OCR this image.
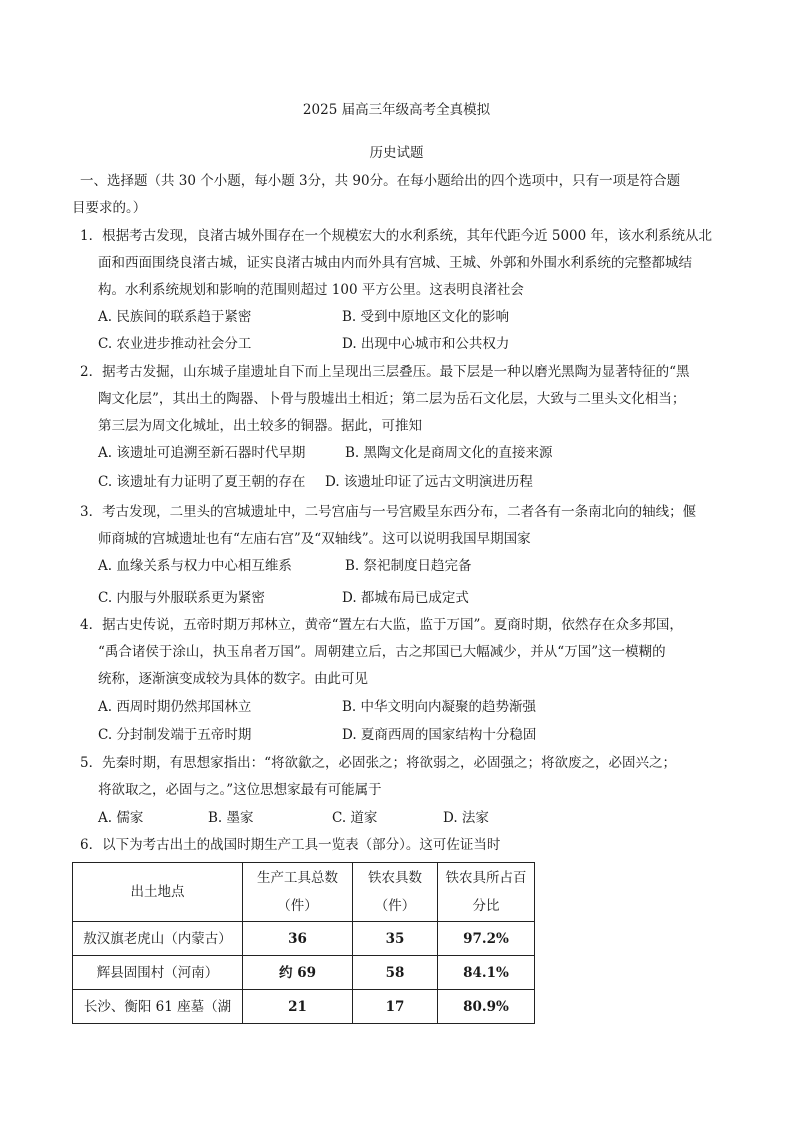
2025 届高三年级高考全真模拟
历史试题
一、选择题（共 30 个小题，每小题 3分，共 90分。在每小题给出的四个选项中，只有一项是符合题
目要求的。）
1．根据考古发现，良渚古城外围存在一个规模宏大的水利系统，其年代距今近 5000 年，该水利系统从北
面和西面围绕良渚古城，证实良渚古城由内而外具有宫城、王城、外郭和外围水利系统的完整都城结
构。水利系统规划和影响的范围则超过 100 平方公里。这表明良渚社会
A. 民族间的联系趋于紧密	B. 受到中原地区文化的影响
C. 农业进步推动社会分工	D. 出现中心城市和公共权力
2．据考古发掘，山东城子崖遗址自下而上呈现出三层叠压。最下层是一种以磨光黑陶为显著特征的“黑
陶文化层”，其出土的陶器、卜骨与殷墟出土相近；第二层为岳石文化层，大致与二里头文化相当；
第三层为周文化城址，出土较多的铜器。据此，可推知
A. 该遗址可追溯至新石器时代早期	B. 黑陶文化是商周文化的直接来源
C. 该遗址有力证明了夏王朝的存在 D. 该遗址印证了远古文明演进历程
3．考古发现，二里头的宫城遗址中，二号宫庙与一号宫殿呈东西分布，二者各有一条南北向的轴线；偃
师商城的宫城遗址也有“左庙右宫”及“双轴线”。这可以说明我国早期国家
A. 血缘关系与权力中心相互维系	B. 祭祀制度日趋完备
C. 内服与外服联系更为紧密	D. 都城布局已成定式
4．据古史传说，五帝时期万邦林立，黄帝“置左右大监，监于万国”。夏商时期，依然存在众多邦国，
“禹合诸侯于涂山，执玉帛者万国”。周朝建立后，古之邦国已大幅减少，并从“万国”这一模糊的
统称，逐渐演变成较为具体的数字。由此可见
A. 西周时期仍然邦国林立	B. 中华文明向内凝聚的趋势渐强
C. 分封制发端于五帝时期	D. 夏商西周的国家结构十分稳固
5．先秦时期，有思想家指出：“将欲歙之，必固张之；将欲弱之，必固强之；将欲废之，必固兴之；
将欲取之，必固与之。”这位思想家最有可能属于
A. 儒家	B. 墨家	C. 道家	D. 法家
6．以下为考古出土的战国时期生产工具一览表（部分）。这可佐证当时
出土地点	生产工具总数（件）	铁农具数（件）	铁农具所占百分比
敖汉旗老虎山（内蒙古）	36	35	97.2%
辉县固围村（河南）	约 69	58	84.1%
长沙、衡阳 61 座墓（湖	21	17	80.9%
